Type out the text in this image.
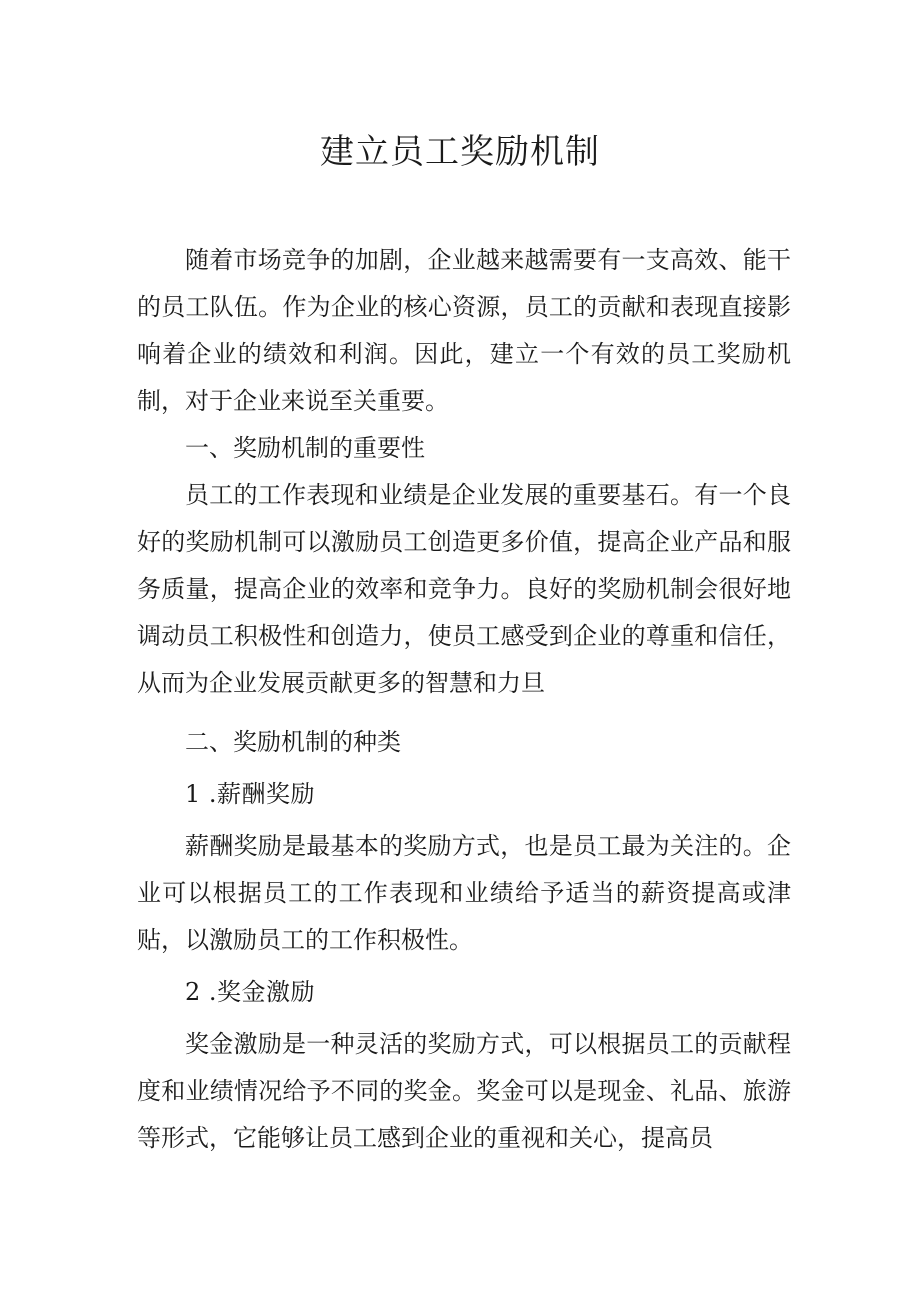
建立员工奖励机制

随着市场竞争的加剧，企业越来越需要有一支高效、能干的员工队伍。作为企业的核心资源，员工的贡献和表现直接影响着企业的绩效和利润。因此，建立一个有效的员工奖励机制，对于企业来说至关重要。

一、奖励机制的重要性

员工的工作表现和业绩是企业发展的重要基石。有一个良好的奖励机制可以激励员工创造更多价值，提高企业产品和服务质量，提高企业的效率和竞争力。良好的奖励机制会很好地调动员工积极性和创造力，使员工感受到企业的尊重和信任，从而为企业发展贡献更多的智慧和力旦

二、奖励机制的种类

1 .薪酬奖励

薪酬奖励是最基本的奖励方式，也是员工最为关注的。企业可以根据员工的工作表现和业绩给予适当的薪资提高或津贴，以激励员工的工作积极性。

2 .奖金激励

奖金激励是一种灵活的奖励方式，可以根据员工的贡献程度和业绩情况给予不同的奖金。奖金可以是现金、礼品、旅游等形式，它能够让员工感到企业的重视和关心，提高员
